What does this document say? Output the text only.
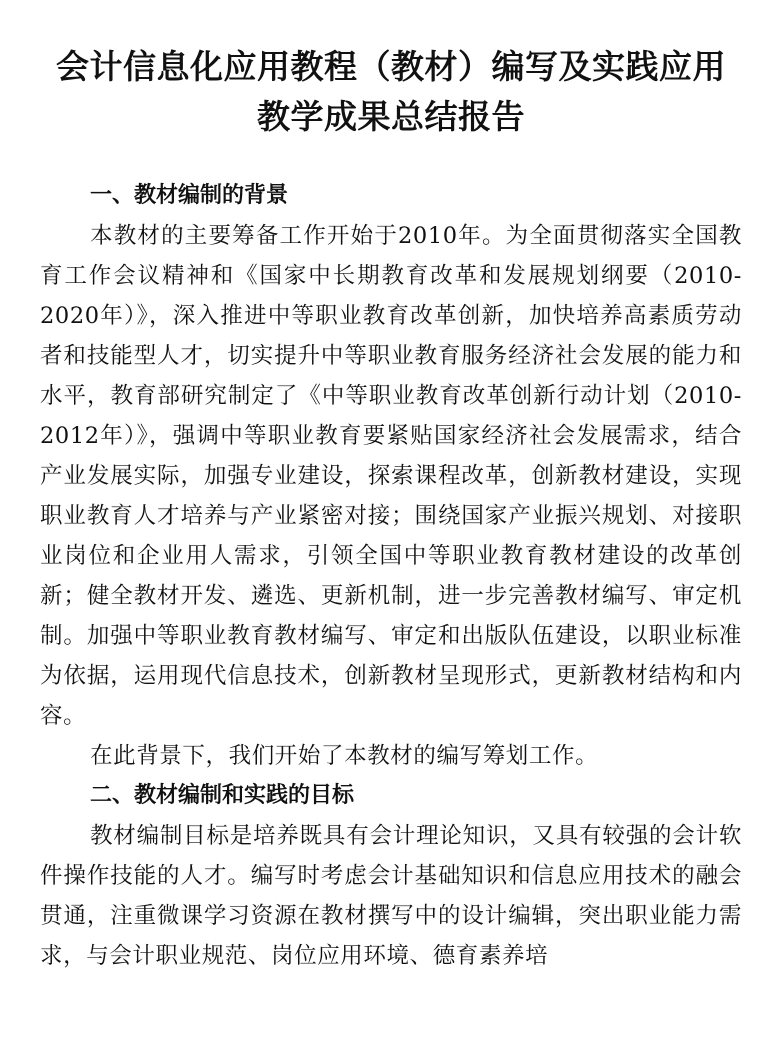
会计信息化应用教程（教材）编写及实践应用
教学成果总结报告
一、教材编制的背景

本教材的主要筹备工作开始于2010年。为全面贯彻落实全国教育工作会议精神和《国家中长期教育改革和发展规划纲要（2010-2020年）》，深入推进中等职业教育改革创新，加快培养高素质劳动者和技能型人才，切实提升中等职业教育服务经济社会发展的能力和水平，教育部研究制定了《中等职业教育改革创新行动计划（2010-2012年）》，强调中等职业教育要紧贴国家经济社会发展需求，结合产业发展实际，加强专业建设，探索课程改革，创新教材建设，实现职业教育人才培养与产业紧密对接；围绕国家产业振兴规划、对接职业岗位和企业用人需求，引领全国中等职业教育教材建设的改革创新；健全教材开发、遴选、更新机制，进一步完善教材编写、审定机制。加强中等职业教育教材编写、审定和出版队伍建设，以职业标准为依据，运用现代信息技术，创新教材呈现形式，更新教材结构和内容。

在此背景下，我们开始了本教材的编写筹划工作。

二、教材编制和实践的目标

教材编制目标是培养既具有会计理论知识，又具有较强的会计软件操作技能的人才。编写时考虑会计基础知识和信息应用技术的融会贯通，注重微课学习资源在教材撰写中的设计编辑，突出职业能力需求，与会计职业规范、岗位应用环境、德育素养培
